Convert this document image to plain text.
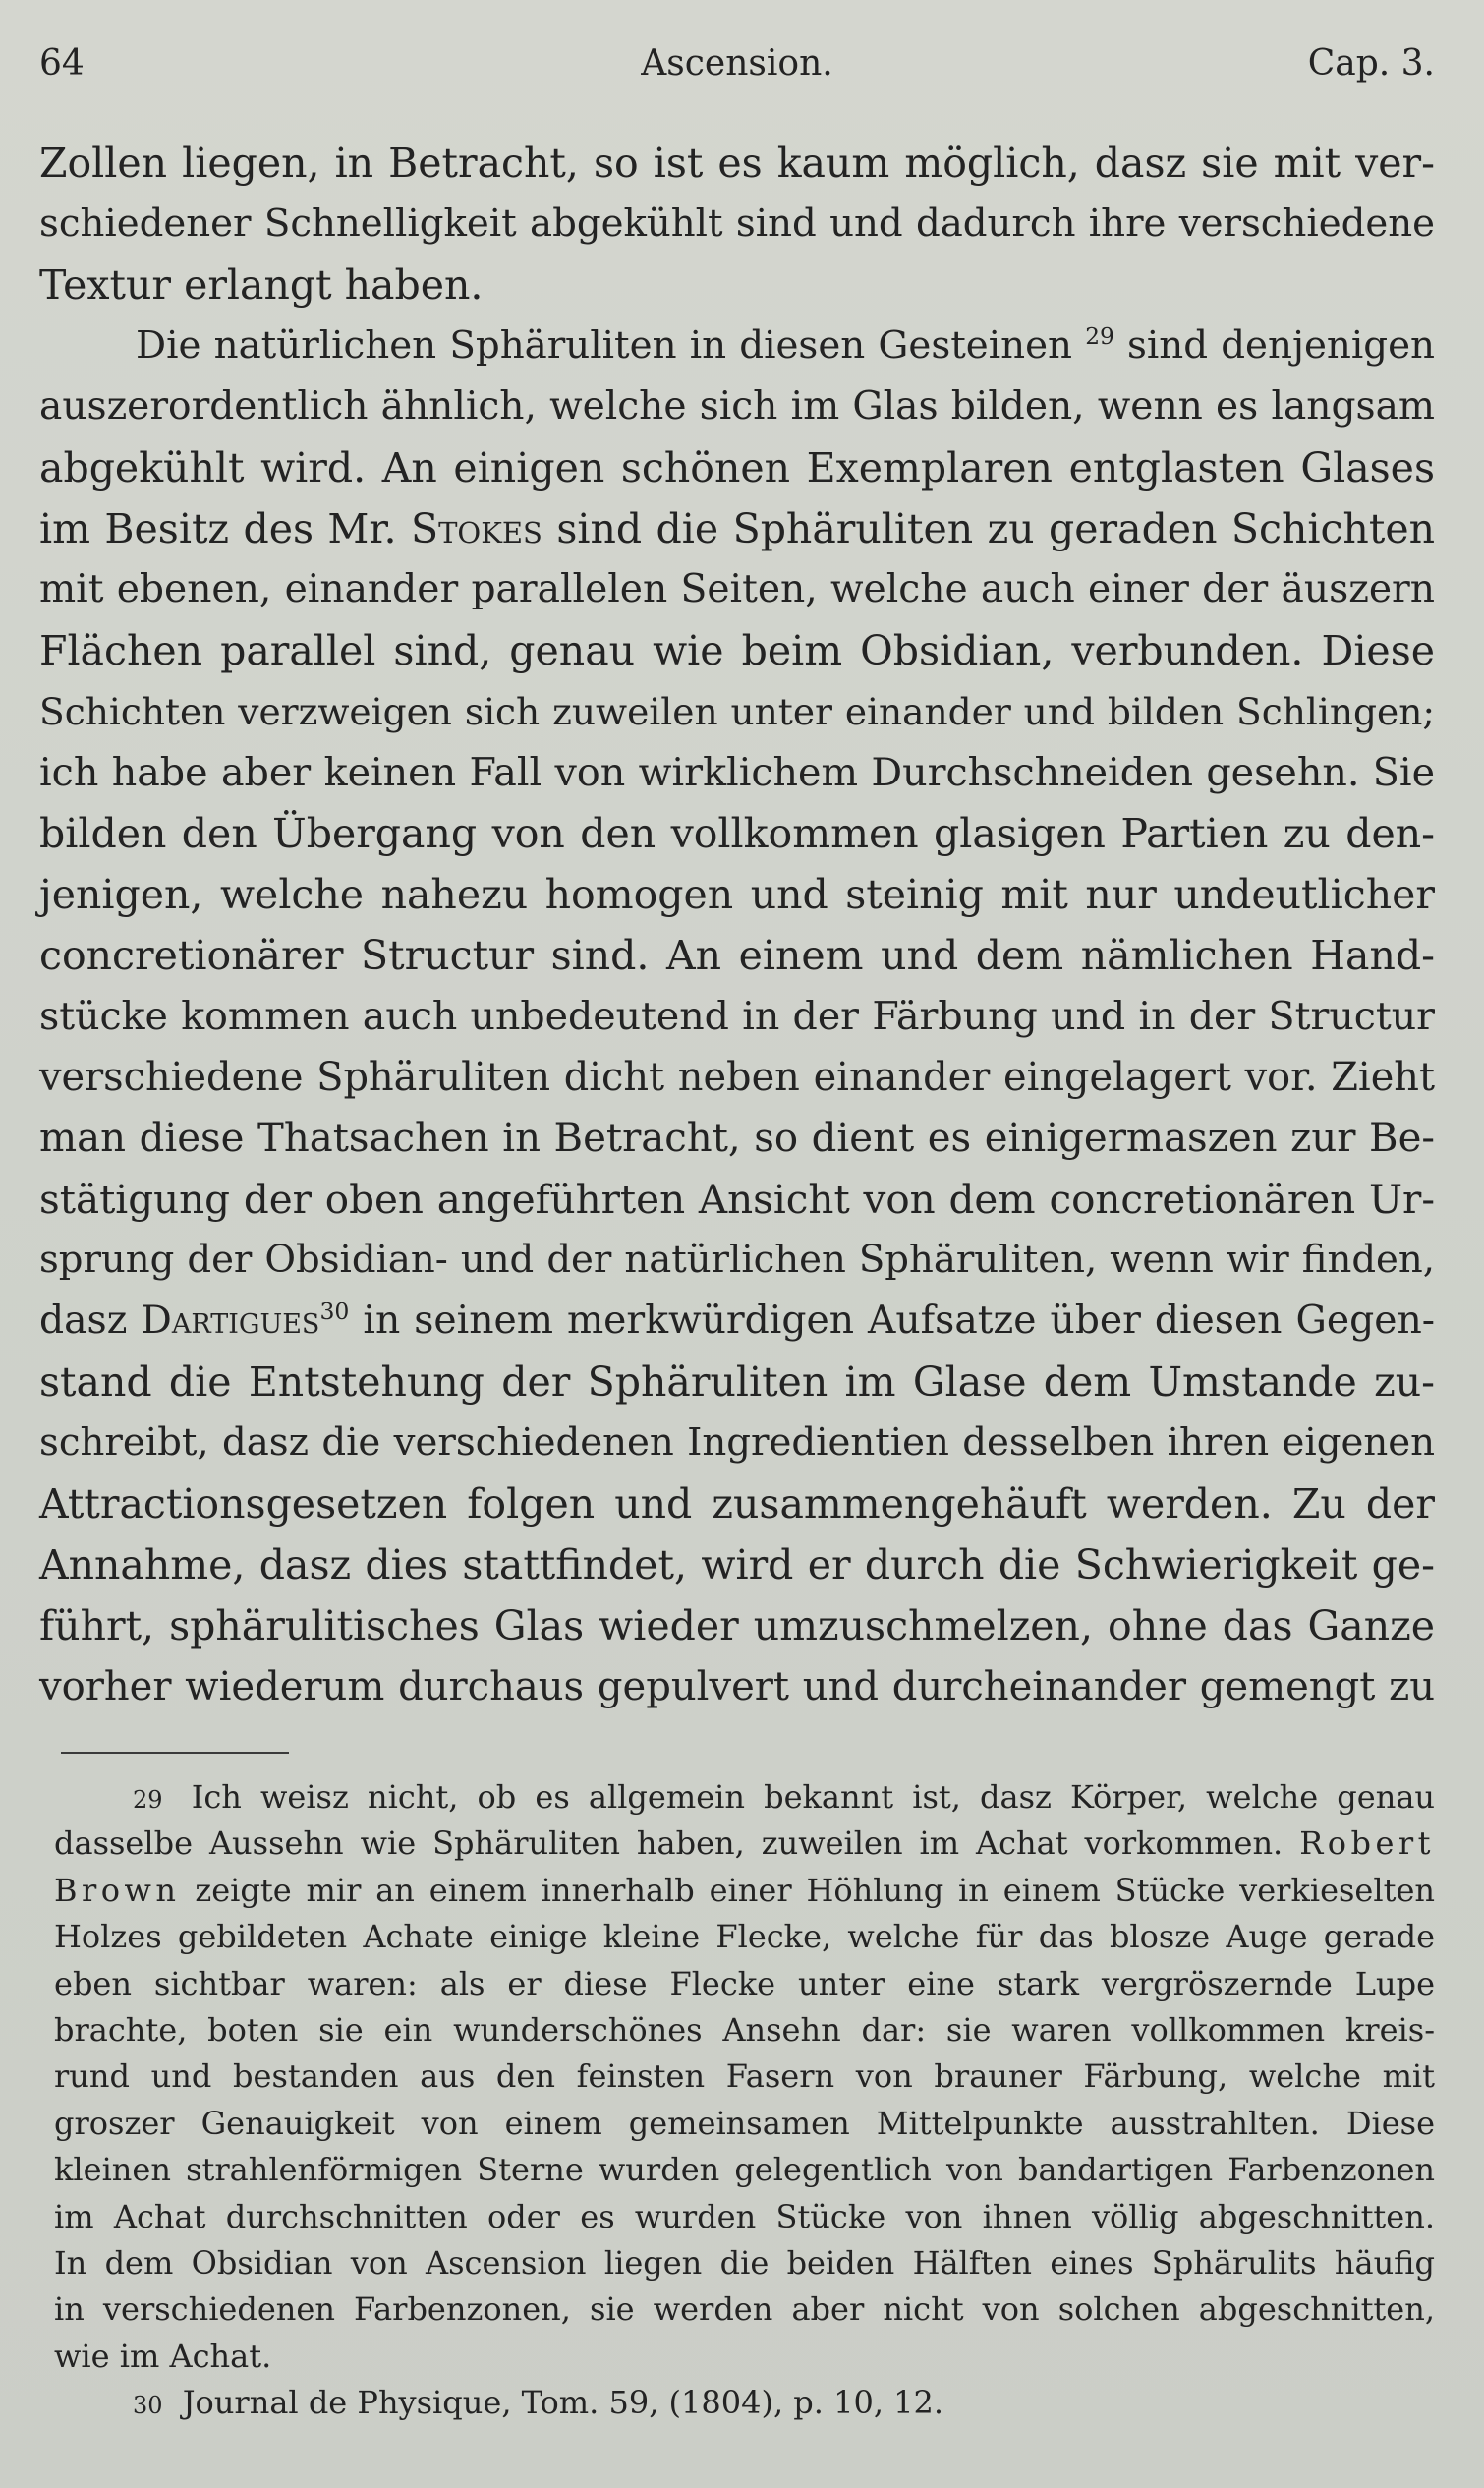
64	Ascension.	Cap. 3.
Zollen liegen, in Betracht, so ist es kaum möglich, dasz sie mit ver-
schiedener Schnelligkeit abgekühlt sind und dadurch ihre verschiedene
Textur erlangt haben.
Die natürlichen Sphäruliten in diesen Gesteinen $^{29}$ sind denjenigen
auszerordentlich ähnlich, welche sich im Glas bilden, wenn es langsam
abgekühlt wird. An einigen schönen Exemplaren entglasten Glases
im Besitz des Mr. Stokes sind die Sphäruliten zu geraden Schichten
mit ebenen, einander parallelen Seiten, welche auch einer der äuszern
Flächen parallel sind, genau wie beim Obsidian, verbunden. Diese
Schichten verzweigen sich zuweilen unter einander und bilden Schlingen;
ich habe aber keinen Fall von wirklichem Durchschneiden gesehn. Sie
bilden den Übergang von den vollkommen glasigen Partien zu den-
jenigen, welche nahezu homogen und steinig mit nur undeutlicher
concretionärer Structur sind. An einem und dem nämlichen Hand-
stücke kommen auch unbedeutend in der Färbung und in der Structur
verschiedene Sphäruliten dicht neben einander eingelagert vor. Zieht
man diese Thatsachen in Betracht, so dient es einigermaszen zur Be-
stätigung der oben angeführten Ansicht von dem concretionären Ur-
sprung der Obsidian- und der natürlichen Sphäruliten, wenn wir finden,
dasz Dartigues$^{30}$ in seinem merkwürdigen Aufsatze über diesen Gegen-
stand die Entstehung der Sphäruliten im Glase dem Umstande zu-
schreibt, dasz die verschiedenen Ingredientien desselben ihren eigenen
Attractionsgesetzen folgen und zusammengehäuft werden. Zu der
Annahme, dasz dies stattfindet, wird er durch die Schwierigkeit ge-
führt, sphärulitisches Glas wieder umzuschmelzen, ohne das Ganze
vorher wiederum durchaus gepulvert und durcheinander gemengt zu
29 Ich weisz nicht, ob es allgemein bekannt ist, dasz Körper, welche genau
dasselbe Aussehn wie Sphäruliten haben, zuweilen im Achat vorkommen. Robert
Brown zeigte mir an einem innerhalb einer Höhlung in einem Stücke verkieselten
Holzes gebildeten Achate einige kleine Flecke, welche für das blosze Auge gerade
eben sichtbar waren: als er diese Flecke unter eine stark vergröszernde Lupe
brachte, boten sie ein wunderschönes Ansehn dar: sie waren vollkommen kreis-
rund und bestanden aus den feinsten Fasern von brauner Färbung, welche mit
groszer Genauigkeit von einem gemeinsamen Mittelpunkte ausstrahlten. Diese
kleinen strahlenförmigen Sterne wurden gelegentlich von bandartigen Farbenzonen
im Achat durchschnitten oder es wurden Stücke von ihnen völlig abgeschnitten.
In dem Obsidian von Ascension liegen die beiden Hälften eines Sphärulits häufig
in verschiedenen Farbenzonen, sie werden aber nicht von solchen abgeschnitten,
wie im Achat.
30 Journal de Physique, Tom. 59, (1804), p. 10, 12.
